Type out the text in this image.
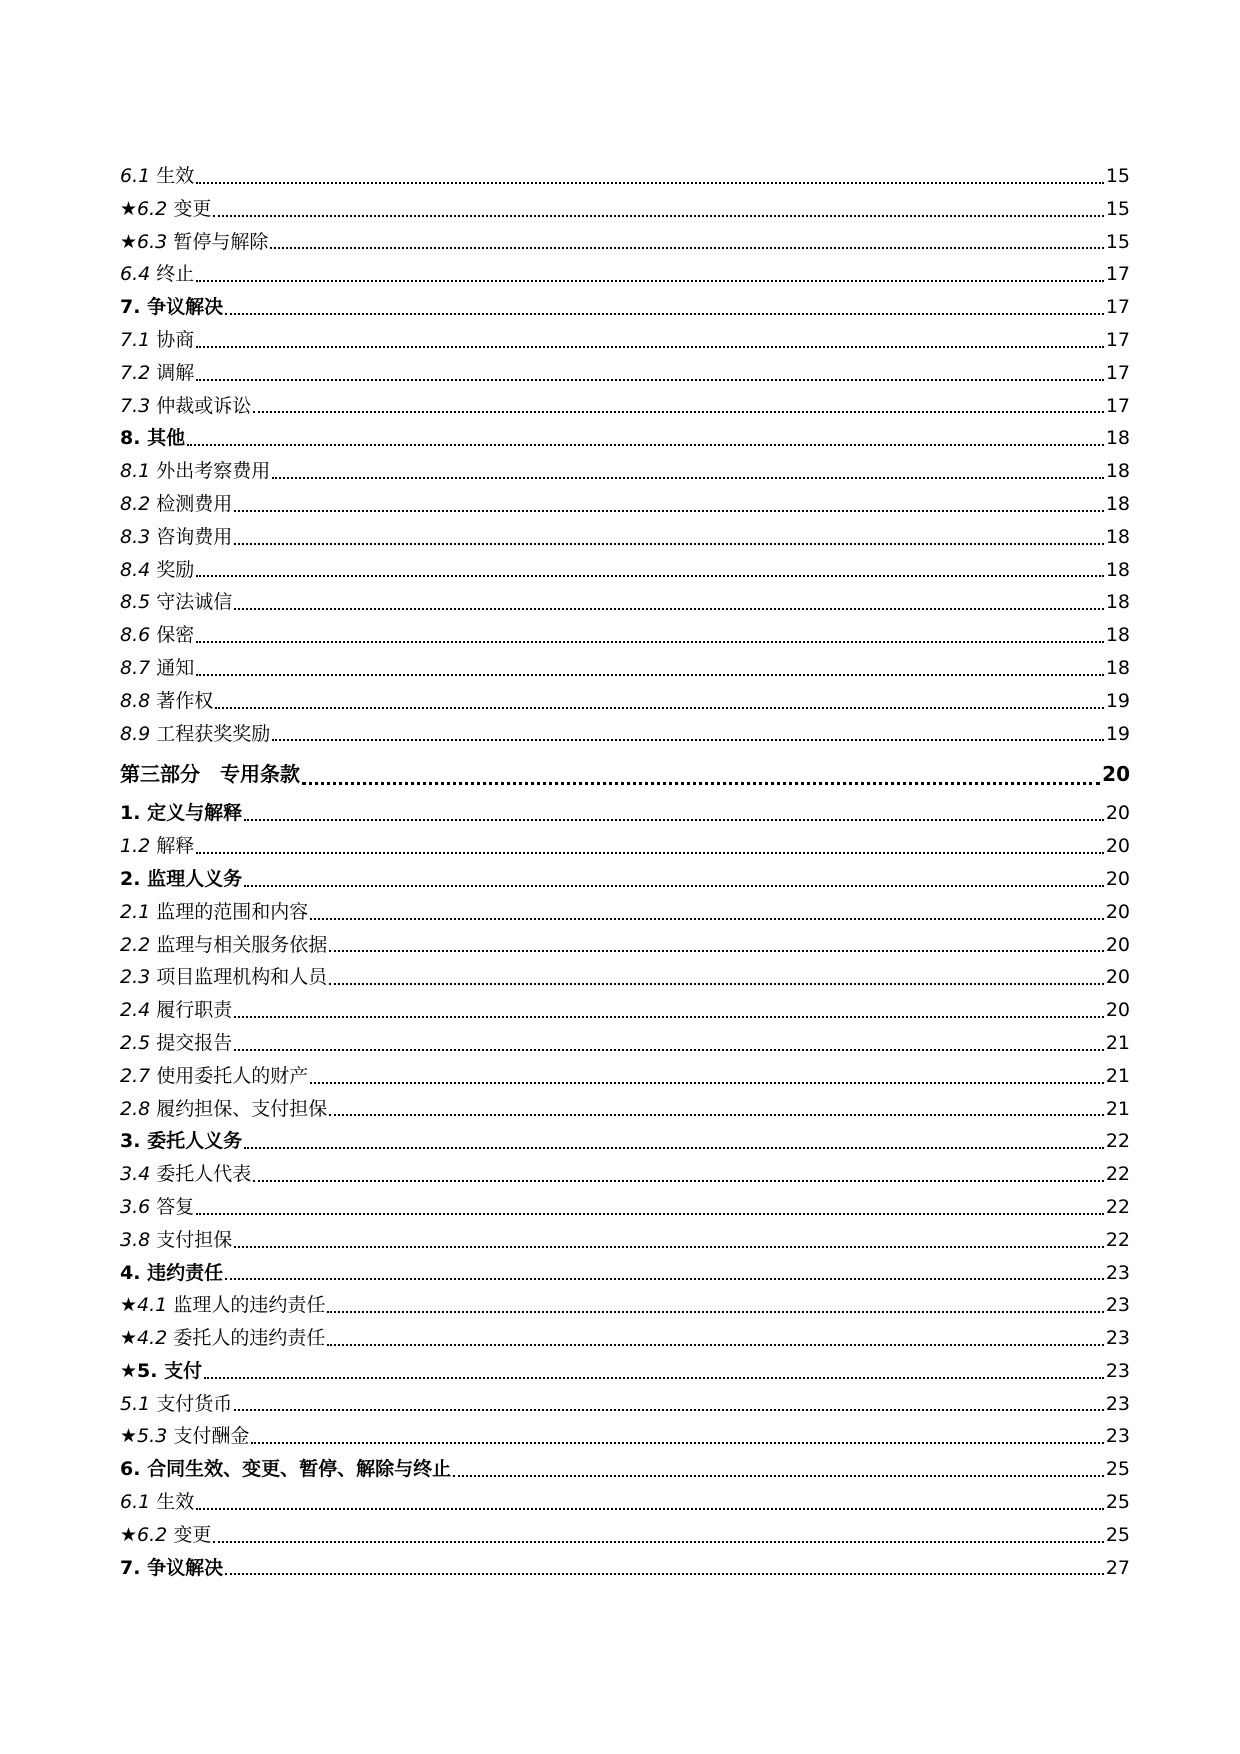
6.1 生效	15
★6.2 变更	15
★6.3 暂停与解除	15
6.4 终止	17
7. 争议解决	17
7.1 协商	17
7.2 调解	17
7.3 仲裁或诉讼	17
8. 其他	18
8.1 外出考察费用	18
8.2 检测费用	18
8.3 咨询费用	18
8.4 奖励	18
8.5 守法诚信	18
8.6 保密	18
8.7 通知	18
8.8 著作权	19
8.9 工程获奖奖励	19
第三部分　专用条款	20
1. 定义与解释	20
1.2 解释	20
2. 监理人义务	20
2.1 监理的范围和内容	20
2.2 监理与相关服务依据	20
2.3 项目监理机构和人员	20
2.4 履行职责	20
2.5 提交报告	21
2.7 使用委托人的财产	21
2.8 履约担保、支付担保	21
3. 委托人义务	22
3.4 委托人代表	22
3.6 答复	22
3.8 支付担保	22
4. 违约责任	23
★4.1 监理人的违约责任	23
★4.2 委托人的违约责任	23
★5. 支付	23
5.1 支付货币	23
★5.3 支付酬金	23
6. 合同生效、变更、暂停、解除与终止	25
6.1 生效	25
★6.2 变更	25
7. 争议解决	27
